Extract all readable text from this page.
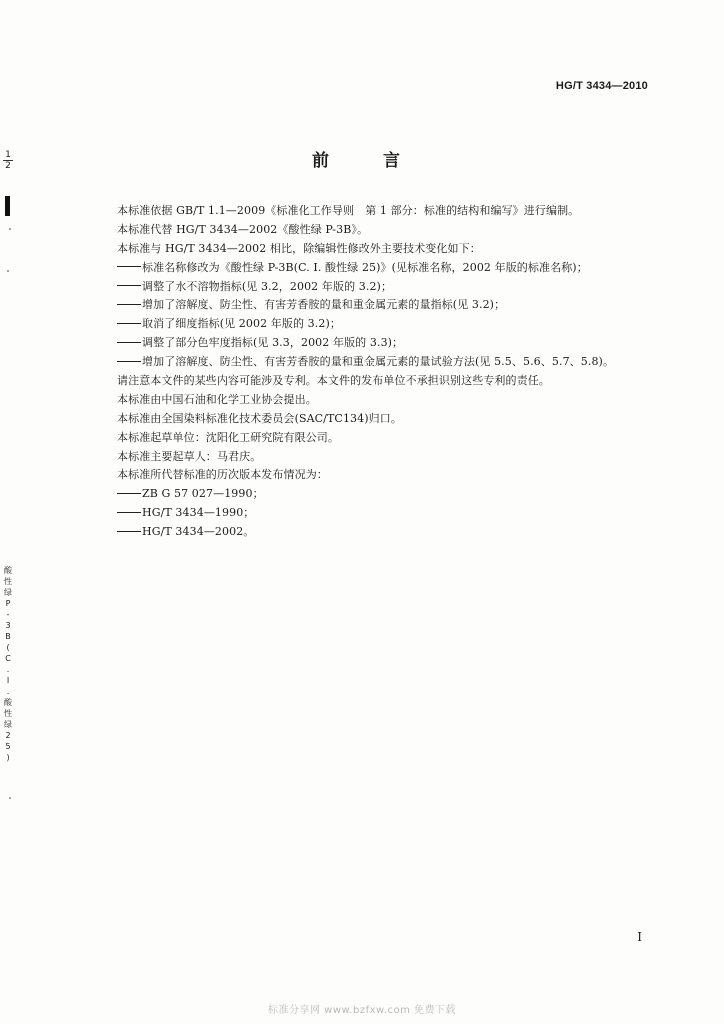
HG/T 3434—2010
$\frac{1}{2}$	前 言
本标准依据 GB/T 1.1—2009《标准化工作导则　第 1 部分：标准的结构和编写》进行编制。
本标准代替 HG/T 3434—2002《酸性绿 P-3B》。
本标准与 HG/T 3434—2002 相比，除编辑性修改外主要技术变化如下：
标准名称修改为《酸性绿 P-3B(C. I. 酸性绿 25)》(见标准名称，2002 年版的标准名称)；
调整了水不溶物指标(见 3.2，2002 年版的 3.2)；
增加了溶解度、防尘性、有害芳香胺的量和重金属元素的量指标(见 3.2)；
取消了细度指标(见 2002 年版的 3.2)；
调整了部分色牢度指标(见 3.3，2002 年版的 3.3)；
增加了溶解度、防尘性、有害芳香胺的量和重金属元素的量试验方法(见 5.5、5.6、5.7、5.8)。
请注意本文件的某些内容可能涉及专利。本文件的发布单位不承担识别这些专利的责任。
本标准由中国石油和化学工业协会提出。
本标准由全国染料标准化技术委员会(SAC/TC134)归口。
本标准起草单位：沈阳化工研究院有限公司。
本标准主要起草人：马君庆。
本标准所代替标准的历次版本发布情况为：
ZB G 57 027—1990；
HG/T 3434—1990；
HG/T 3434—2002。
酸
性
绿
P
-
3
B
(
C
.
I
.
酸
性
绿
2
5
)
I
标准分享网 www.bzfxw.com 免费下载
